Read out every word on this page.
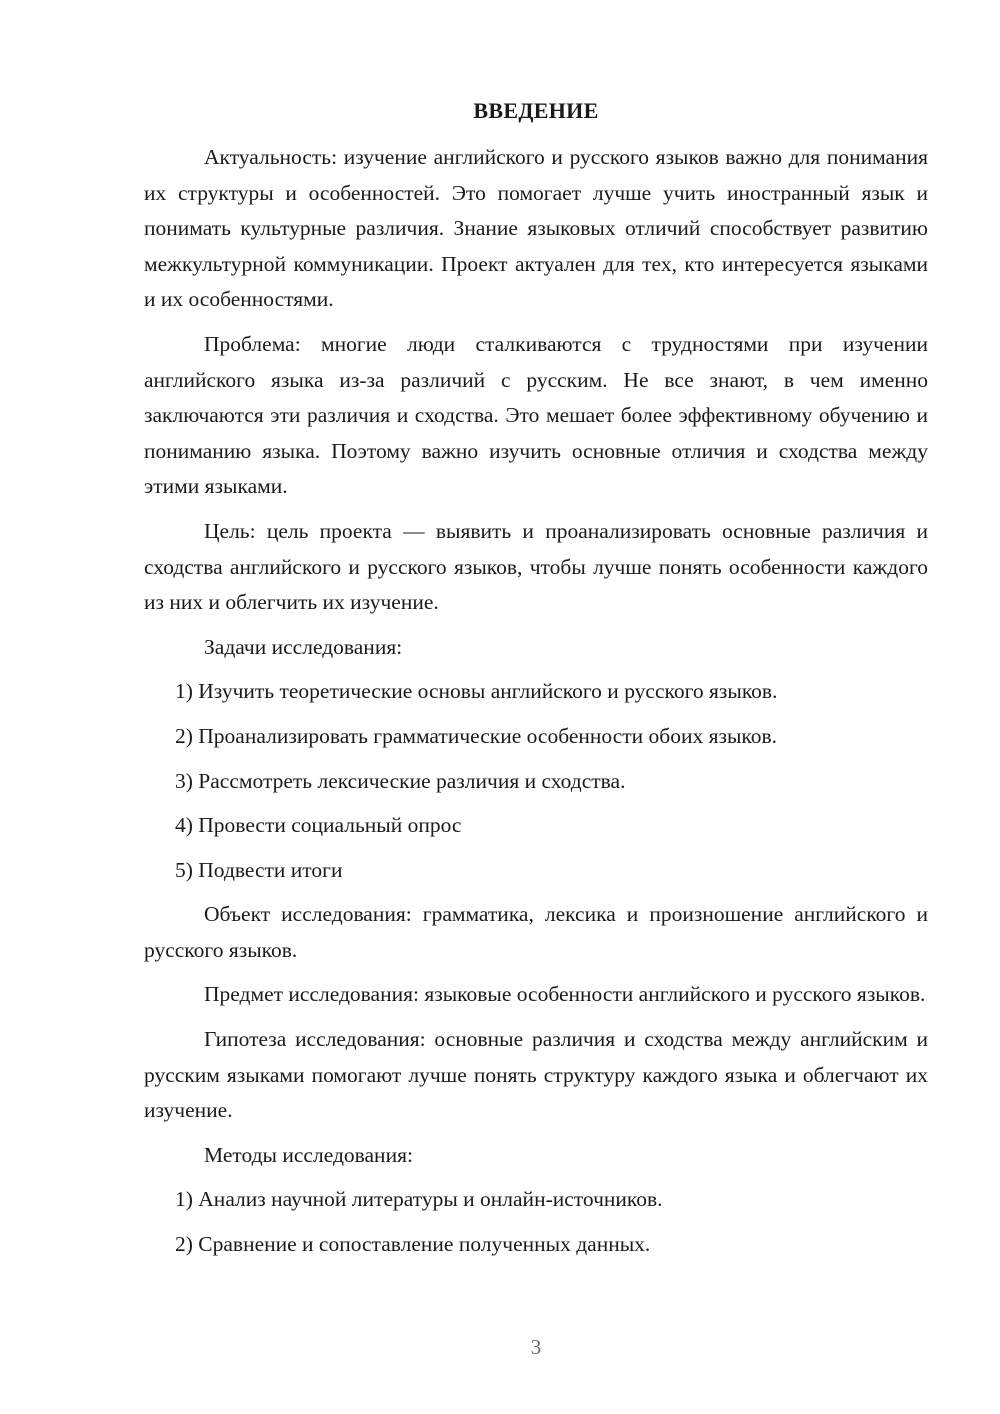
ВВЕДЕНИЕ

Актуальность: изучение английского и русского языков важно для понимания их структуры и особенностей. Это помогает лучше учить иностранный язык и понимать культурные различия. Знание языковых отличий способствует развитию межкультурной коммуникации. Проект актуален для тех, кто интересуется языками и их особенностями.

Проблема: многие люди сталкиваются с трудностями при изучении английского языка из-за различий с русским. Не все знают, в чем именно заключаются эти различия и сходства. Это мешает более эффективному обучению и пониманию языка. Поэтому важно изучить основные отличия и сходства между этими языками.

Цель: цель проекта — выявить и проанализировать основные различия и сходства английского и русского языков, чтобы лучше понять особенности каждого из них и облегчить их изучение.

Задачи исследования:

1) Изучить теоретические основы английского и русского языков.

2) Проанализировать грамматические особенности обоих языков.

3) Рассмотреть лексические различия и сходства.

4) Провести социальный опрос

5) Подвести итоги

Объект исследования: грамматика, лексика и произношение английского и русского языков.

Предмет исследования: языковые особенности английского и русского языков.

Гипотеза исследования: основные различия и сходства между английским и русским языками помогают лучше понять структуру каждого языка и облегчают их изучение.

Методы исследования:

1) Анализ научной литературы и онлайн-источников.

2) Сравнение и сопоставление полученных данных.

3
